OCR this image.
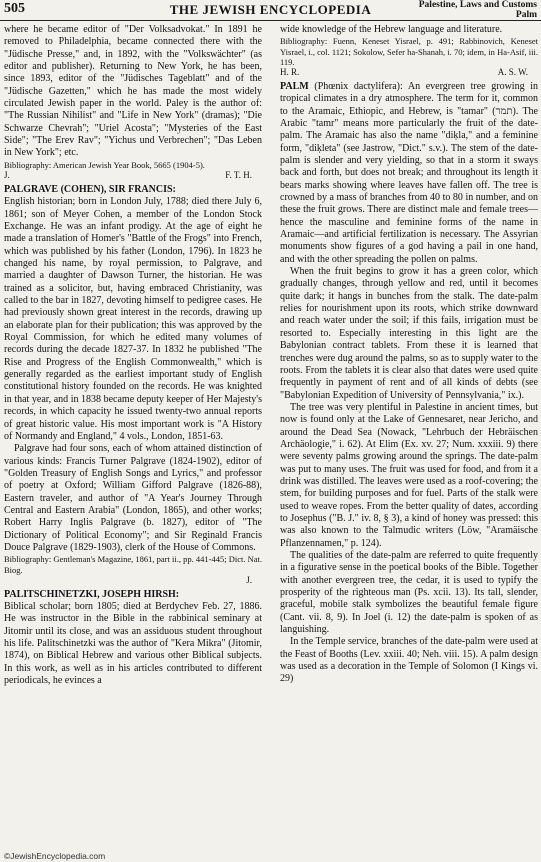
505	THE JEWISH ENCYCLOPEDIA	Palestine, Laws and Customs
Palm

where he became editor of "Der Volksadvokat." In 1891 he removed to Philadelphia, became connected there with the "Jüdische Presse," and, in 1892, with the "Volkswächter" (as editor and publisher). Returning to New York, he has been, since 1893, editor of the "Jüdisches Tageblatt" and of the "Jüdische Gazetten," which he has made the most widely circulated Jewish paper in the world. Paley is the author of: "The Russian Nihilist" and "Life in New York" (dramas); "Die Schwarze Chevrah"; "Uriel Acosta"; "Mysteries of the East Side"; "The Erev Rav"; "Yichus und Verbrechen"; "Das Leben in New York"; etc.

Bibliography: American Jewish Year Book, 5665 (1904-5).

J.	F. T. H.

PALGRAVE (COHEN), SIR FRANCIS:

English historian; born in London July, 1788; died there July 6, 1861; son of Meyer Cohen, a member of the London Stock Exchange. He was an infant prodigy. At the age of eight he made a translation of Homer's "Battle of the Frogs" into French, which was published by his father (London, 1796). In 1823 he changed his name, by royal permission, to Palgrave, and married a daughter of Dawson Turner, the historian. He was trained as a solicitor, but, having embraced Christianity, was called to the bar in 1827, devoting himself to pedigree cases. He had previously shown great interest in the records, drawing up an elaborate plan for their publication; this was approved by the Royal Commission, for which he edited many volumes of records during the decade 1827-37. In 1832 he published "The Rise and Progress of the English Commonwealth," which is generally regarded as the earliest important study of English constitutional history founded on the records. He was knighted in that year, and in 1838 became deputy keeper of Her Majesty's records, in which capacity he issued twenty-two annual reports of great historic value. His most important work is "A History of Normandy and England," 4 vols., London, 1851-63.

Palgrave had four sons, each of whom attained distinction of various kinds: Francis Turner Palgrave (1824-1902), editor of "Golden Treasury of English Songs and Lyrics," and professor of poetry at Oxford; William Gifford Palgrave (1826-88), Eastern traveler, and author of "A Year's Journey Through Central and Eastern Arabia" (London, 1865), and other works; Robert Harry Inglis Palgrave (b. 1827), editor of "The Dictionary of Political Economy"; and Sir Reginald Francis Douce Palgrave (1829-1903), clerk of the House of Commons.

Bibliography: Gentleman's Magazine, 1861, part ii., pp. 441-445; Dict. Nat. Biog.

J.

PALITSCHINETZKI, JOSEPH HIRSH:

Biblical scholar; born 1805; died at Berdychev Feb. 27, 1886. He was instructor in the Bible in the rabbinical seminary at Jitomir until its close, and was an assiduous student throughout his life. Palitschinetzki was the author of "Kera Mikra" (Jitomir, 1874), on Biblical Hebrew and various other Biblical subjects. In this work, as well as in his articles contributed to different periodicals, he evinces a

wide knowledge of the Hebrew language and literature.

Bibliography: Fuenn, Keneset Yisrael, p. 491; Rabbinovich, Keneset Yisrael, i., col. 1121; Sokolow, Sefer ha-Shanah, i. 70; idem, in Ha-Asif, iii. 119.

H. R.	A. S. W.

PALM (Phœnix dactylifera): An evergreen tree growing in tropical climates in a dry atmosphere. The term for it, common to the Aramaic, Ethiopic, and Hebrew, is "tamar" (תמר). The Arabic "tamr" means more particularly the fruit of the date-palm. The Aramaic has also the name "diḳla," and a feminine form, "diḳleta" (see Jastrow, "Dict." s.v.). The stem of the date-palm is slender and very yielding, so that in a storm it sways back and forth, but does not break; and throughout its length it bears marks showing where leaves have fallen off. The tree is crowned by a mass of branches from 40 to 80 in number, and on these the fruit grows. There are distinct male and female trees—hence the masculine and feminine forms of the name in Aramaic—and artificial fertilization is necessary. The Assyrian monuments show figures of a god having a pail in one hand, and with the other spreading the pollen on palms.

When the fruit begins to grow it has a green color, which gradually changes, through yellow and red, until it becomes quite dark; it hangs in bunches from the stalk. The date-palm relies for nourishment upon its roots, which strike downward and reach water under the soil; if this fails, irrigation must be resorted to. Especially interesting in this light are the Babylonian contract tablets. From these it is learned that trenches were dug around the palms, so as to supply water to the roots. From the tablets it is clear also that dates were used quite frequently in payment of rent and of all kinds of debts (see "Babylonian Expedition of University of Pennsylvania," ix.).

The tree was very plentiful in Palestine in ancient times, but now is found only at the Lake of Gennesaret, near Jericho, and around the Dead Sea (Nowack, "Lehrbuch der Hebräischen Archäologie," i. 62). At Elim (Ex. xv. 27; Num. xxxiii. 9) there were seventy palms growing around the springs. The date-palm was put to many uses. The fruit was used for food, and from it a drink was distilled. The leaves were used as a roof-covering; the stem, for building purposes and for fuel. Parts of the stalk were used to weave ropes. From the better quality of dates, according to Josephus ("B. J." iv. 8, § 3), a kind of honey was pressed: this was also known to the Talmudic writers (Löw, "Aramäische Pflanzennamen," p. 124).

The qualities of the date-palm are referred to quite frequently in a figurative sense in the poetical books of the Bible. Together with another evergreen tree, the cedar, it is used to typify the prosperity of the righteous man (Ps. xcii. 13). Its tall, slender, graceful, mobile stalk symbolizes the beautiful female figure (Cant. vii. 8, 9). In Joel (i. 12) the date-palm is spoken of as languishing.

In the Temple service, branches of the date-palm were used at the Feast of Booths (Lev. xxiii. 40; Neh. viii. 15). A palm design was used as a decoration in the Temple of Solomon (I Kings vi. 29)

©JewishEncyclopedia.com
